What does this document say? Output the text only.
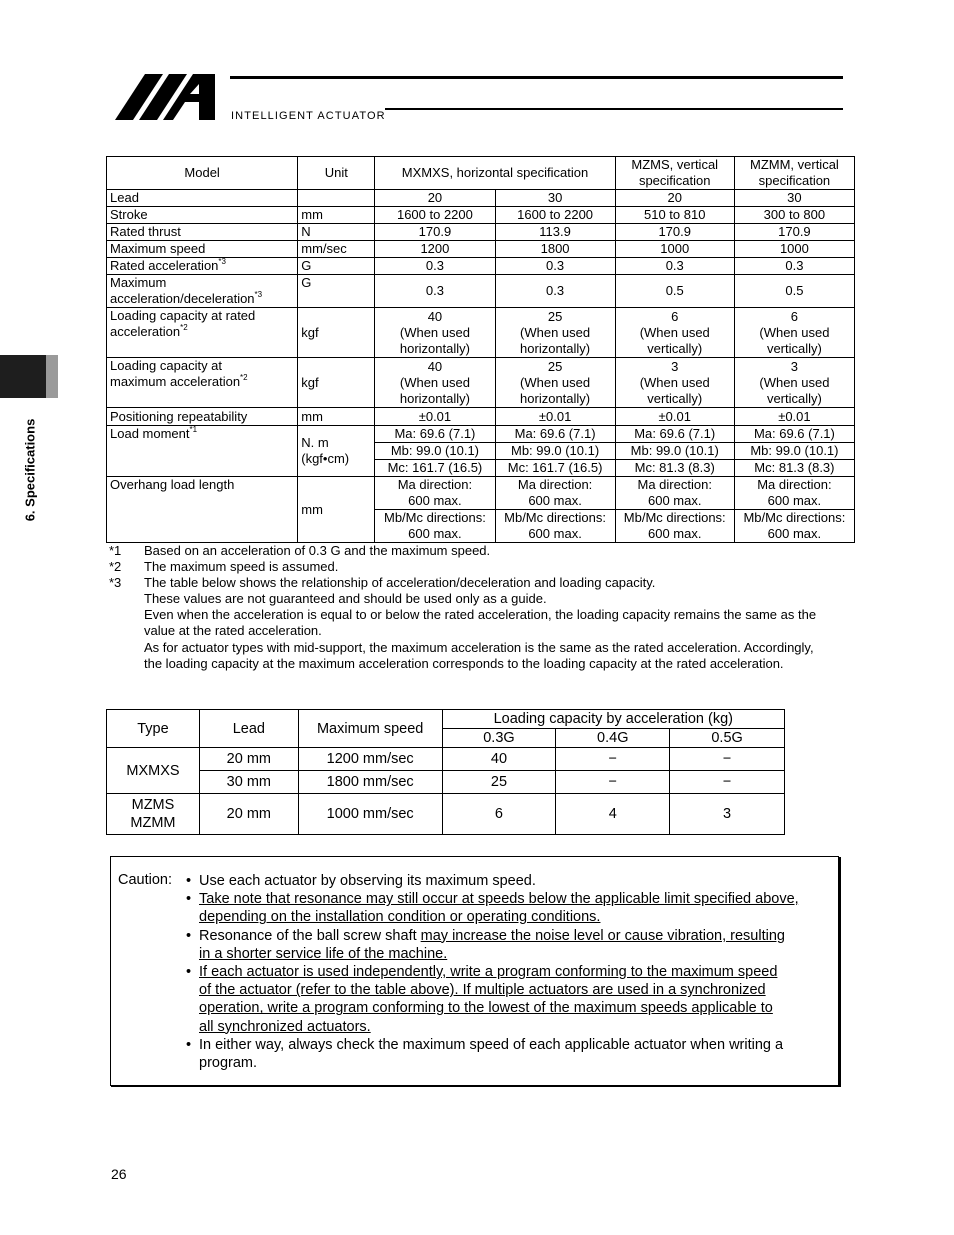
INTELLIGENT ACTUATOR
6. Specifications
Model	Unit	MXMXS, horizontal specification		MZMS, vertical specification	MZMM, vertical specification
Lead		20	30	20	30
Stroke	mm	1600 to 2200	1600 to 2200	510 to 810	300 to 800
Rated thrust	N	170.9	113.9	170.9	170.9
Maximum speed	mm/sec	1200	1800	1000	1000
Rated acceleration$^{*3}$	G	0.3	0.3	0.3	0.3
Maximum
acceleration/deceleration$^{*3}$	G	0.3	0.3	0.5	0.5
Loading capacity at rated
acceleration$^{*2}$	kgf	40
(When used
horizontally)	25
(When used
horizontally)	6
(When used
vertically)	6
(When used
vertically)
Loading capacity at
maximum acceleration$^{*2}$	kgf	40
(When used
horizontally)	25
(When used
horizontally)	3
(When used
vertically)	3
(When used
vertically)
Positioning repeatability	mm	±0.01	±0.01	±0.01	±0.01
Load moment$^{*1}$	N. m
(kgf•cm)	Ma: 69.6 (7.1)	Ma: 69.6 (7.1)	Ma: 69.6 (7.1)	Ma: 69.6 (7.1)
		Mb: 99.0 (10.1)	Mb: 99.0 (10.1)	Mb: 99.0 (10.1)	Mb: 99.0 (10.1)
		Mc: 161.7 (16.5)	Mc: 161.7 (16.5)	Mc: 81.3 (8.3)	Mc: 81.3 (8.3)
Overhang load length	mm	Ma direction:
600 max.	Ma direction:
600 max.	Ma direction:
600 max.	Ma direction:
600 max.
		Mb/Mc directions:
600 max.	Mb/Mc directions:
600 max.	Mb/Mc directions:
600 max.	Mb/Mc directions:
600 max.
*1	Based on an acceleration of 0.3 G and the maximum speed.
*2	The maximum speed is assumed.
*3	The table below shows the relationship of acceleration/deceleration and loading capacity.
These values are not guaranteed and should be used only as a guide.
Even when the acceleration is equal to or below the rated acceleration, the loading capacity remains the same as the value at the rated acceleration.
As for actuator types with mid-support, the maximum acceleration is the same as the rated acceleration. Accordingly, the loading capacity at the maximum acceleration corresponds to the loading capacity at the rated acceleration.
Type	Lead	Maximum speed	Loading capacity by acceleration (kg)		
			0.3G	0.4G	0.5G
MXMXS	20 mm	1200 mm/sec	40	−	−
	30 mm	1800 mm/sec	25	−	−
MZMS
MZMM	20 mm	1000 mm/sec	6	4	3
Caution: • Use each actuator by observing its maximum speed.
• Take note that resonance may still occur at speeds below the applicable limit specified above, depending on the installation condition or operating conditions.
• Resonance of the ball screw shaft may increase the noise level or cause vibration, resulting in a shorter service life of the machine.
• If each actuator is used independently, write a program conforming to the maximum speed of the actuator (refer to the table above). If multiple actuators are used in a synchronized operation, write a program conforming to the lowest of the maximum speeds applicable to all synchronized actuators.
• In either way, always check the maximum speed of each applicable actuator when writing a program.
26
